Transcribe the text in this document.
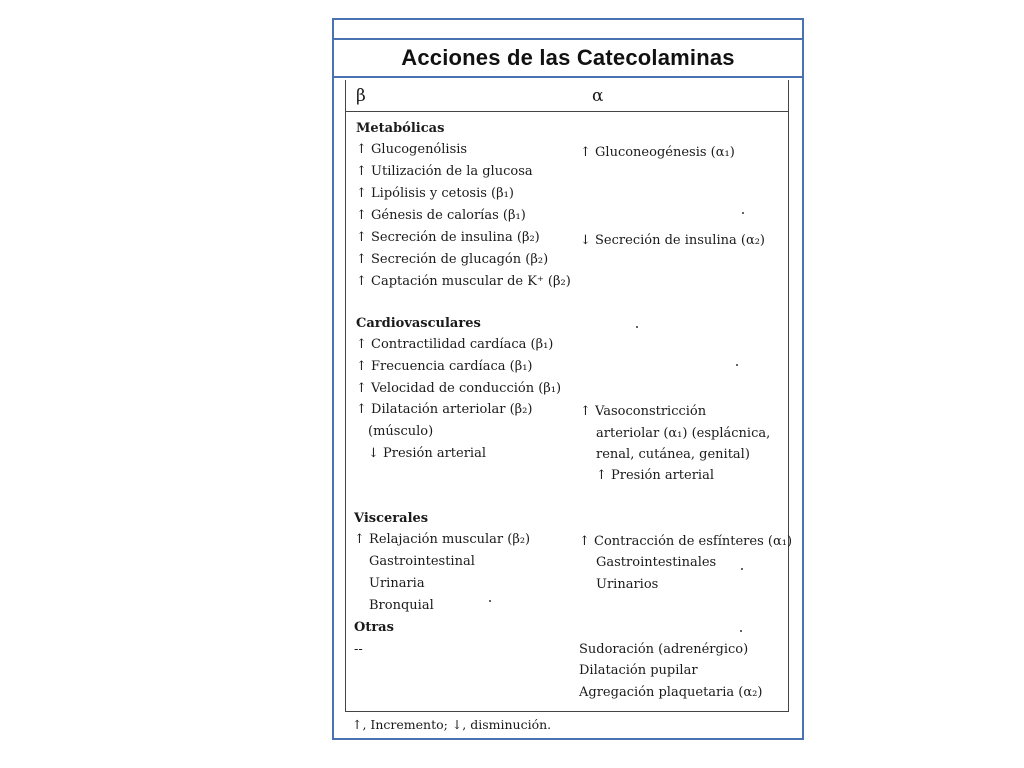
Acciones de las Catecolaminas
β	α
Metabólicas
↑ Glucogenólisis
↑ Utilización de la glucosa
↑ Lipólisis y cetosis (β₁)
↑ Génesis de calorías (β₁)
↑ Secreción de insulina (β₂)
↑ Secreción de glucagón (β₂)
↑ Captación muscular de K⁺ (β₂)
↑ Gluconeogénesis (α₁)
↓ Secreción de insulina (α₂)
Cardiovasculares
↑ Contractilidad cardíaca (β₁)
↑ Frecuencia cardíaca (β₁)
↑ Velocidad de conducción (β₁)
↑ Dilatación arteriolar (β₂)
(músculo)
↓ Presión arterial
↑ Vasoconstricción
arteriolar (α₁) (esplácnica,
renal, cutánea, genital)
↑ Presión arterial
Viscerales
↑ Relajación muscular (β₂)
Gastrointestinal
Urinaria
Bronquial
↑ Contracción de esfínteres (α₁)
Gastrointestinales
Urinarios
Otras
--	Sudoración (adrenérgico)
Dilatación pupilar
Agregación plaquetaria (α₂)
↑, Incremento; ↓, disminución.
